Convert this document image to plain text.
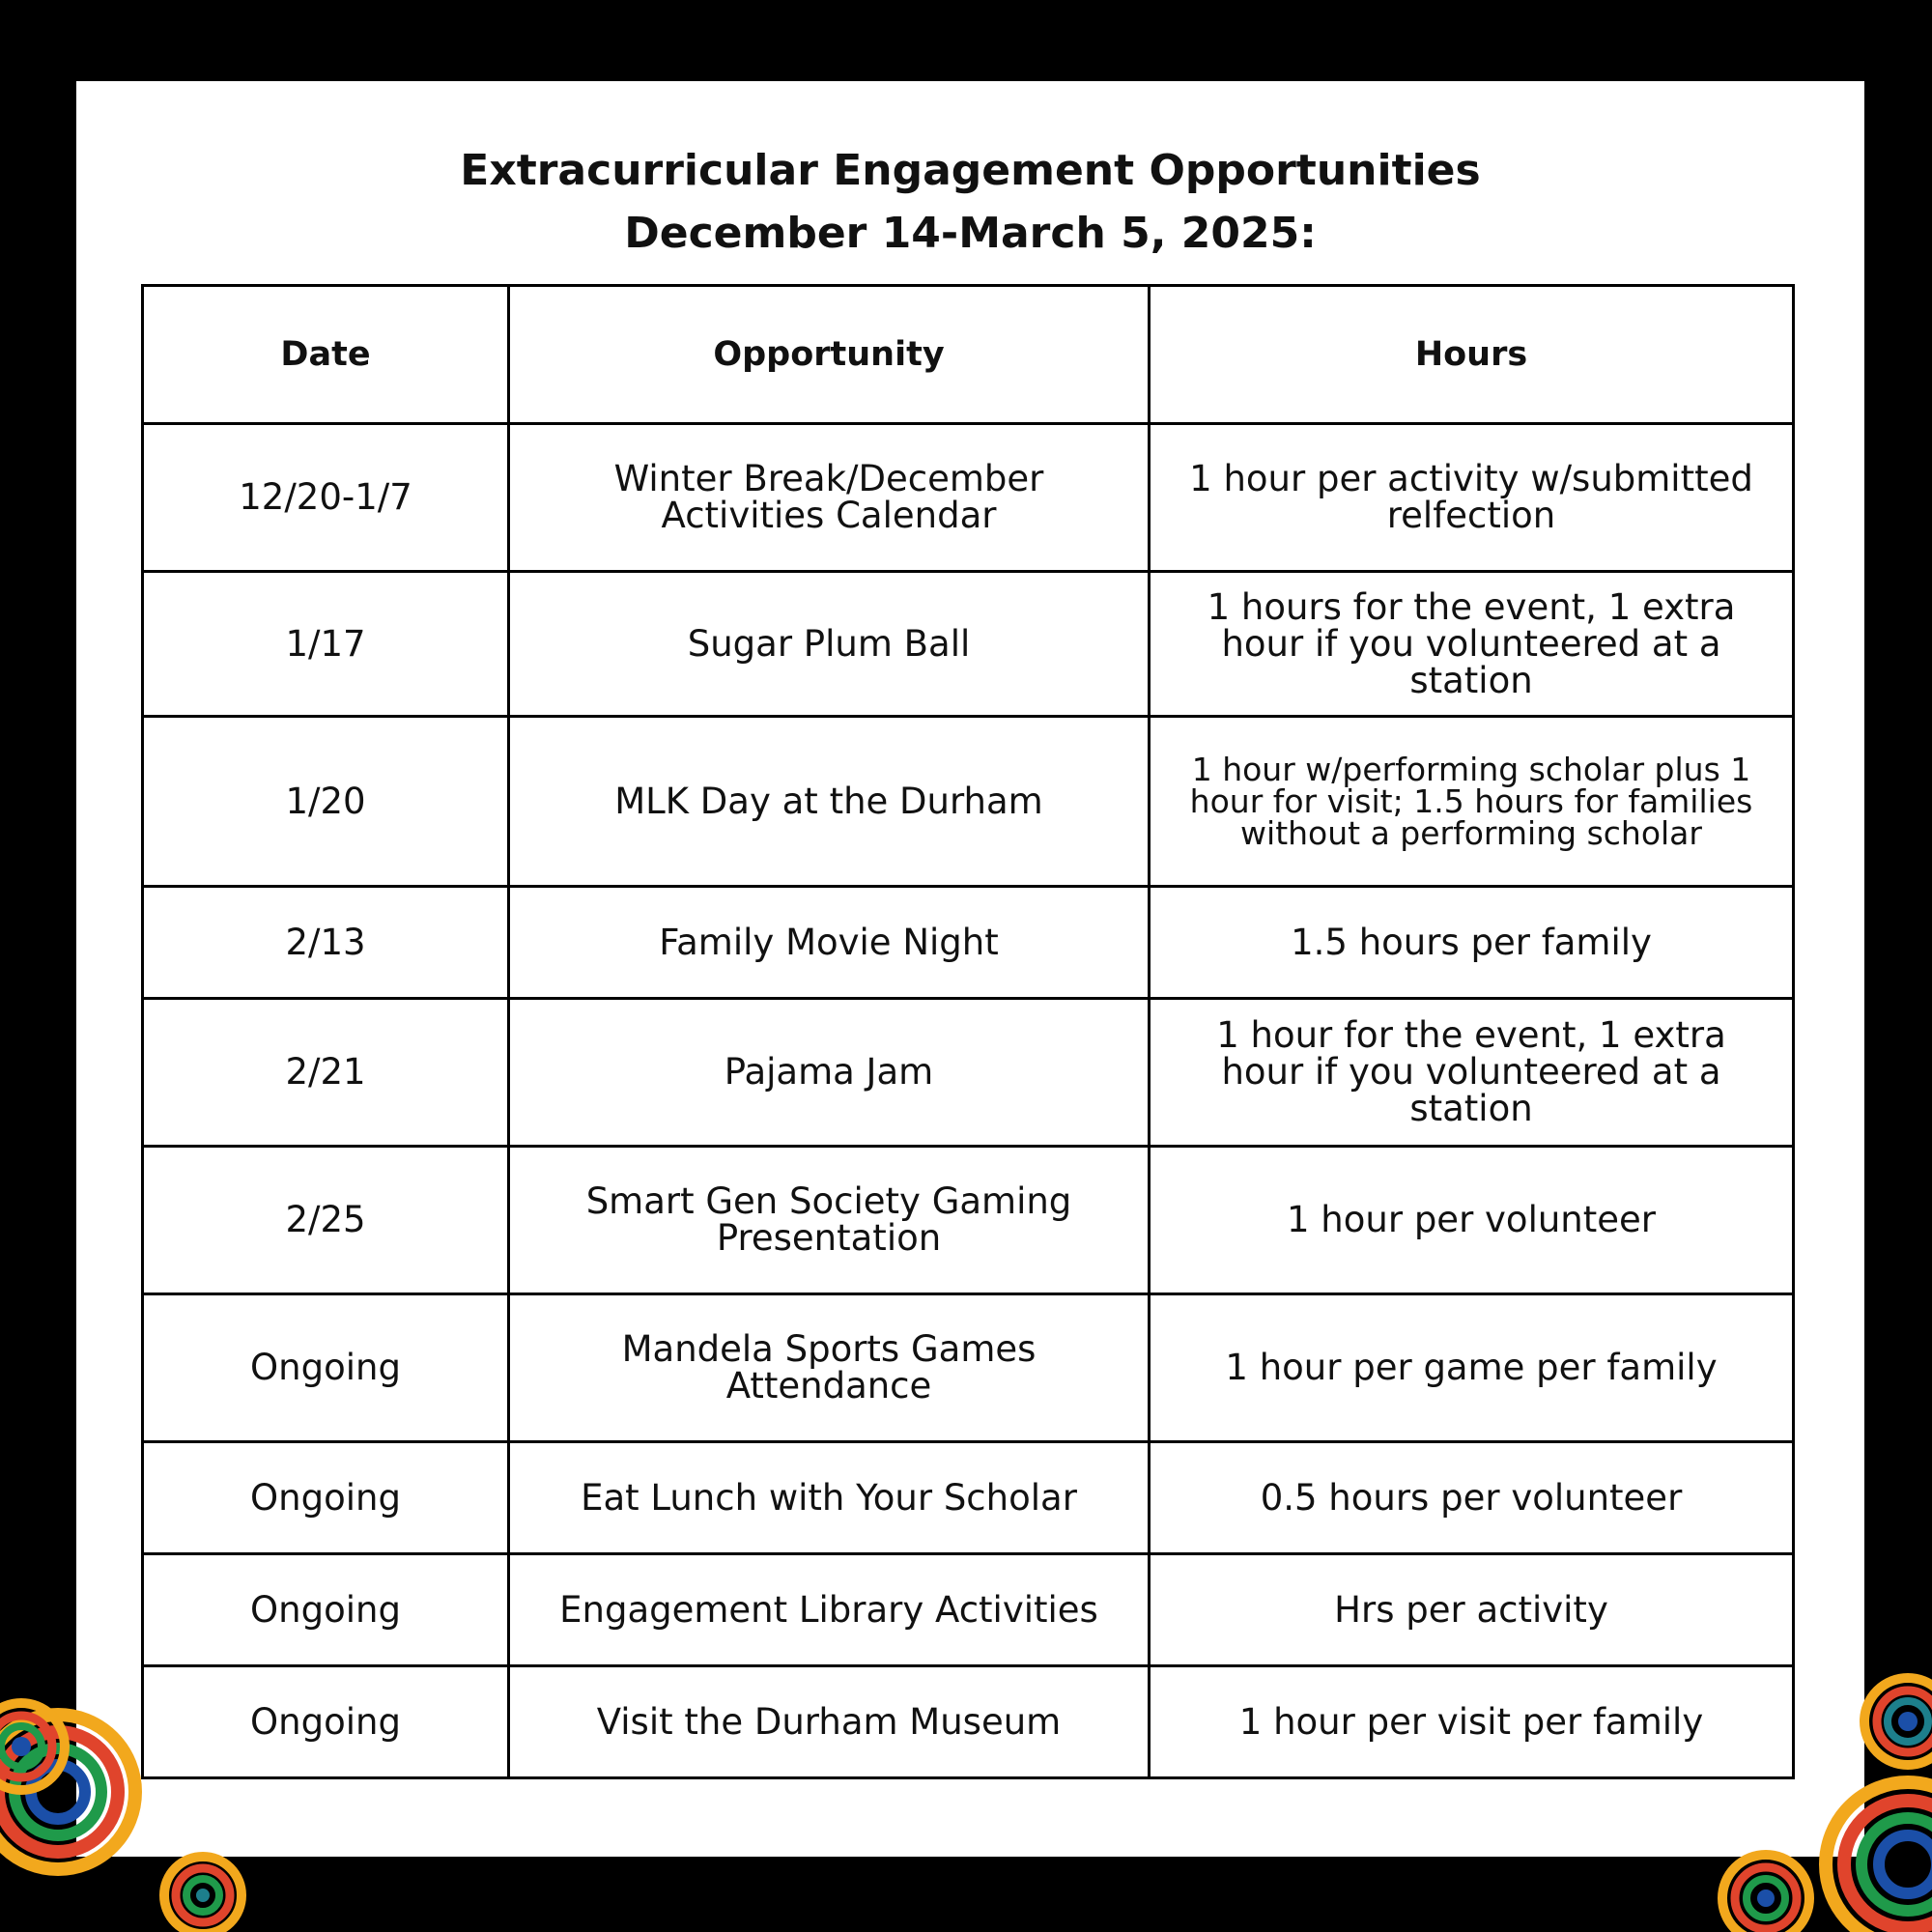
Extracurricular Engagement Opportunities
December 14-March 5, 2025:
Date	Opportunity	Hours
12/20-1/7	Winter Break/December Activities Calendar	1 hour per activity w/submitted relfection
1/17	Sugar Plum Ball	1 hours for the event, 1 extra hour if you volunteered at a station
1/20	MLK Day at the Durham	1 hour w/performing scholar plus 1 hour for visit; 1.5 hours for families without a performing scholar
2/13	Family Movie Night	1.5 hours per family
2/21	Pajama Jam	1 hour for the event, 1 extra hour if you volunteered at a station
2/25	Smart Gen Society Gaming Presentation	1 hour per volunteer
Ongoing	Mandela Sports Games Attendance	1 hour per game per family
Ongoing	Eat Lunch with Your Scholar	0.5 hours per volunteer
Ongoing	Engagement Library Activities	Hrs per activity
Ongoing	Visit the Durham Museum	1 hour per visit per family
